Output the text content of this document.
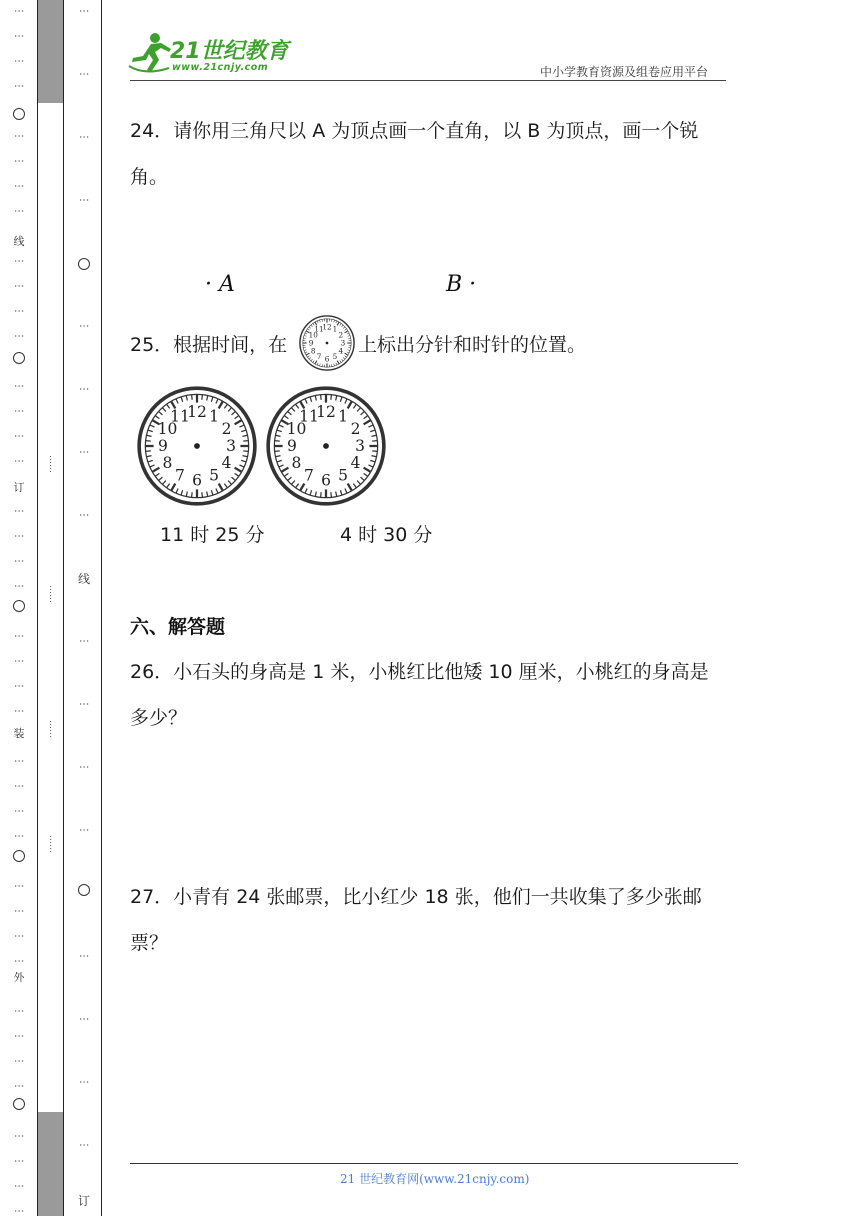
……
……
……
……
21世纪教育
www.21cnjy.com	中小学教育资源及组卷应用平台
24．请你用三角尺以 A 为顶点画一个直角，以 B 为顶点，画一个锐
角。
· A	B ·
25．根据时间，在
12 1
2
3
4
5
6
7
8
9
10
11
上标出分针和时针的位置。
12 1
2
3
4
5
6
7
8
9
10
11	12 1
2
3
4
5
6
7
8
9
10
11
11 时 25 分	4 时 30 分
六、解答题
26．小石头的身高是 1 米，小桃红比他矮 10 厘米，小桃红的身高是
多少？
27．小青有 24 张邮票，比小红少 18 张，他们一共收集了多少张邮
票？
21 世纪教育网(www.21cnjy.com)
⋮
⋮
⋮
⋮
⋮
⋮
⋮
⋮
⋮
⋮
⋮
⋮
⋮
⋮
⋮
⋮
⋮
⋮
⋮
⋮
⋮
⋮
⋮
⋮
⋮
⋮
⋮
⋮
⋮
⋮
⋮
⋮
⋮
⋮
⋮
⋮
⋮
⋮
⋮
⋮
线
订
装
外
⋮
⋮
⋮
⋮
⋮
⋮
⋮
⋮
⋮
⋮
⋮
⋮
⋮
⋮
⋮
⋮
线
订
